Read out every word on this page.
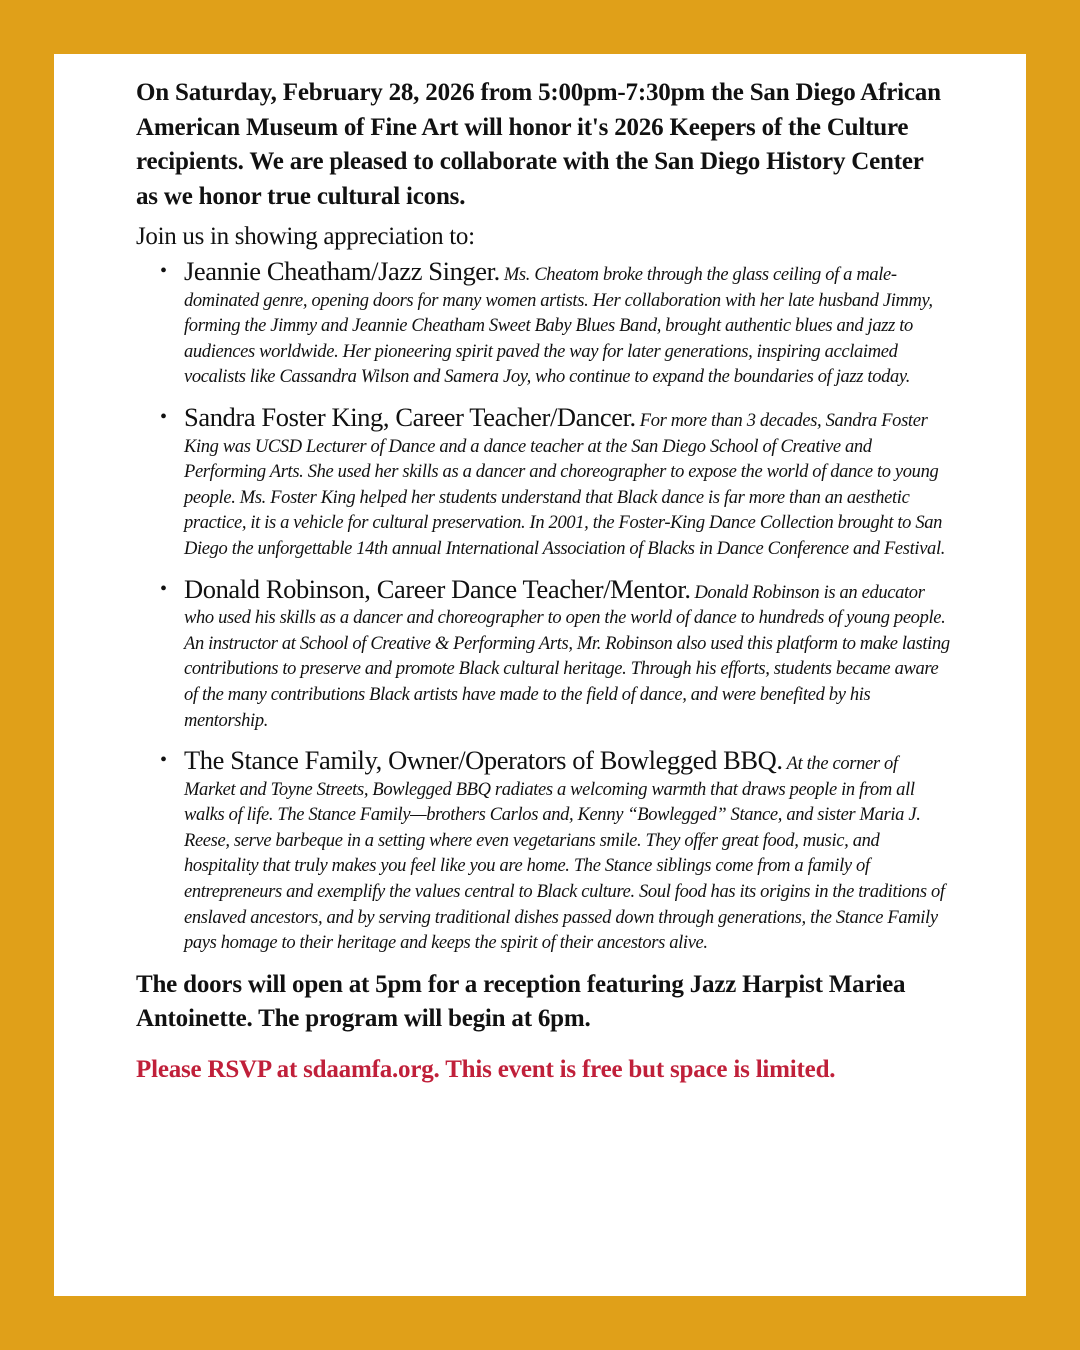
On Saturday, February 28, 2026 from 5:00pm-7:30pm the San Diego African American Museum of Fine Art will honor it's 2026 Keepers of the Culture recipients. We are pleased to collaborate with the San Diego History Center as we honor true cultural icons.

Join us in showing appreciation to:

• Jeannie Cheatham/Jazz Singer. Ms. Cheatom broke through the glass ceiling of a male-dominated genre, opening doors for many women artists. Her collaboration with her late husband Jimmy, forming the Jimmy and Jeannie Cheatham Sweet Baby Blues Band, brought authentic blues and jazz to audiences worldwide. Her pioneering spirit paved the way for later generations, inspiring acclaimed vocalists like Cassandra Wilson and Samera Joy, who continue to expand the boundaries of jazz today.
• Sandra Foster King, Career Teacher/Dancer. For more than 3 decades, Sandra Foster King was UCSD Lecturer of Dance and a dance teacher at the San Diego School of Creative and Performing Arts. She used her skills as a dancer and choreographer to expose the world of dance to young people. Ms. Foster King helped her students understand that Black dance is far more than an aesthetic practice, it is a vehicle for cultural preservation. In 2001, the Foster-King Dance Collection brought to San Diego the unforgettable 14th annual International Association of Blacks in Dance Conference and Festival.
• Donald Robinson, Career Dance Teacher/Mentor. Donald Robinson is an educator who used his skills as a dancer and choreographer to open the world of dance to hundreds of young people. An instructor at School of Creative & Performing Arts, Mr. Robinson also used this platform to make lasting contributions to preserve and promote Black cultural heritage. Through his efforts, students became aware of the many contributions Black artists have made to the field of dance, and were benefited by his mentorship.
• The Stance Family, Owner/Operators of Bowlegged BBQ. At the corner of Market and Toyne Streets, Bowlegged BBQ radiates a welcoming warmth that draws people in from all walks of life. The Stance Family—brothers Carlos and, Kenny “Bowlegged” Stance, and sister Maria J. Reese, serve barbeque in a setting where even vegetarians smile. They offer great food, music, and hospitality that truly makes you feel like you are home. The Stance siblings come from a family of entrepreneurs and exemplify the values central to Black culture. Soul food has its origins in the traditions of enslaved ancestors, and by serving traditional dishes passed down through generations, the Stance Family pays homage to their heritage and keeps the spirit of their ancestors alive.

The doors will open at 5pm for a reception featuring Jazz Harpist Mariea Antoinette. The program will begin at 6pm.

Please RSVP at sdaamfa.org. This event is free but space is limited.
